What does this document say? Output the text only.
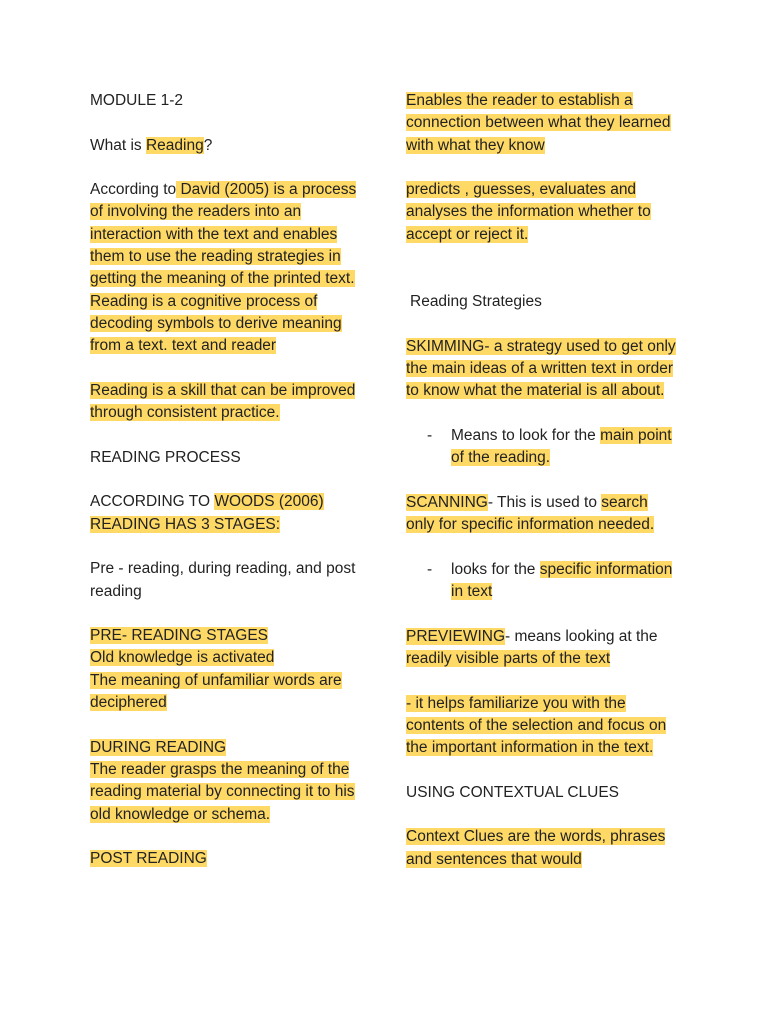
MODULE 1-2

What is Reading?

According to David (2005) is a process of involving the readers into an interaction with the text and enables them to use the reading strategies in getting the meaning of the printed text. Reading is a cognitive process of decoding symbols to derive meaning from a text. text and reader

Reading is a skill that can be improved through consistent practice.

READING PROCESS

ACCORDING TO WOODS (2006) READING HAS 3 STAGES:

Pre - reading, during reading, and post reading

PRE- READING STAGES
Old knowledge is activated
The meaning of unfamiliar words are deciphered

DURING READING
The reader grasps the meaning of the reading material by connecting it to his old knowledge or schema.

POST READING

Enables the reader to establish a connection between what they learned with what they know

predicts , guesses, evaluates and analyses the information whether to accept or reject it.

Reading Strategies

SKIMMING- a strategy used to get only the main ideas of a written text in order to know what the material is all about.

-	Means to look for the main point of the reading.

SCANNING- This is used to search only for specific information needed.

-	looks for the specific information in text

PREVIEWING- means looking at the readily visible parts of the text

- it helps familiarize you with the contents of the selection and focus on the important information in the text.

USING CONTEXTUAL CLUES

Context Clues are the words, phrases and sentences that would
